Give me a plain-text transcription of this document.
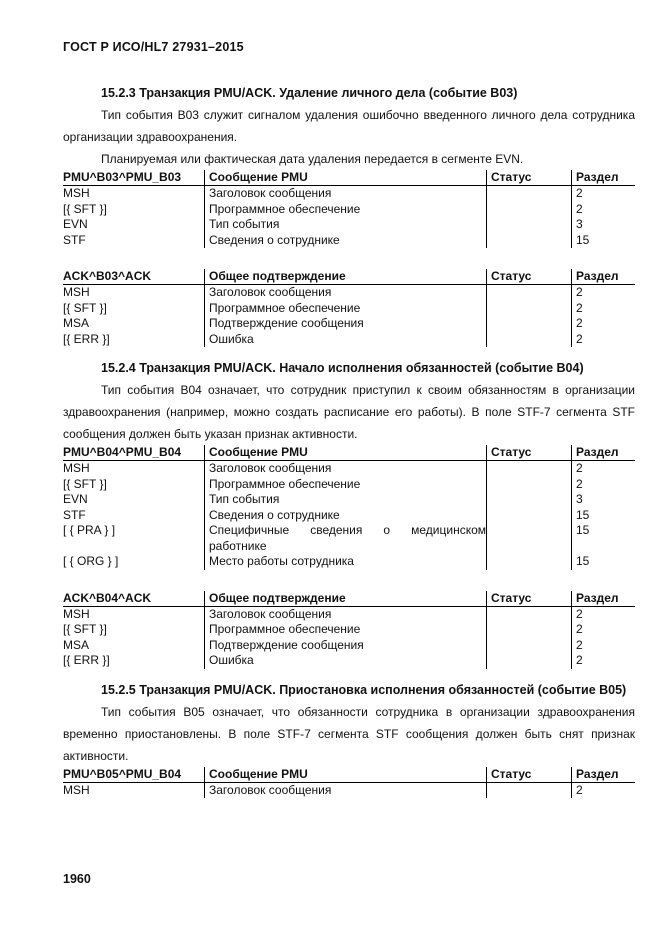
ГОСТ Р ИСО/HL7 27931–2015
15.2.3 Транзакция PMU/ACK. Удаление личного дела (событие B03)

Тип события B03 служит сигналом удаления ошибочно введенного личного дела сотрудника организации здравоохранения.

Планируемая или фактическая дата удаления передается в сегменте EVN.

PMU^B03^PMU_B03	Сообщение PMU	Статус	Раздел
MSH	Заголовок сообщения		2
[{ SFT }]	Программное обеспечение		2
EVN	Тип события		3
STF	Сведения о сотруднике		15
ACK^B03^ACK	Общее подтверждение	Статус	Раздел
MSH	Заголовок сообщения		2
[{ SFT }]	Программное обеспечение		2
MSA	Подтверждение сообщения		2
[{ ERR }]	Ошибка		2
15.2.4 Транзакция PMU/ACK. Начало исполнения обязанностей (событие B04)

Тип события B04 означает, что сотрудник приступил к своим обязанностям в организации здравоохранения (например, можно создать расписание его работы). В поле STF-7 сегмента STF сообщения должен быть указан признак активности.

PMU^B04^PMU_B04	Сообщение PMU	Статус	Раздел
MSH	Заголовок сообщения		2
[{ SFT }]	Программное обеспечение		2
EVN	Тип события		3
STF	Сведения о сотруднике		15
[ { PRA } ]	Специфичные сведения о медицинском работнике		15
[ { ORG } ]	Место работы сотрудника		15
ACK^B04^ACK	Общее подтверждение	Статус	Раздел
MSH	Заголовок сообщения		2
[{ SFT }]	Программное обеспечение		2
MSA	Подтверждение сообщения		2
[{ ERR }]	Ошибка		2
15.2.5 Транзакция PMU/ACK. Приостановка исполнения обязанностей (событие B05)

Тип события B05 означает, что обязанности сотрудника в организации здравоохранения временно приостановлены. В поле STF-7 сегмента STF сообщения должен быть снят признак активности.

PMU^B05^PMU_B04	Сообщение PMU	Статус	Раздел
MSH	Заголовок сообщения		2
1960
